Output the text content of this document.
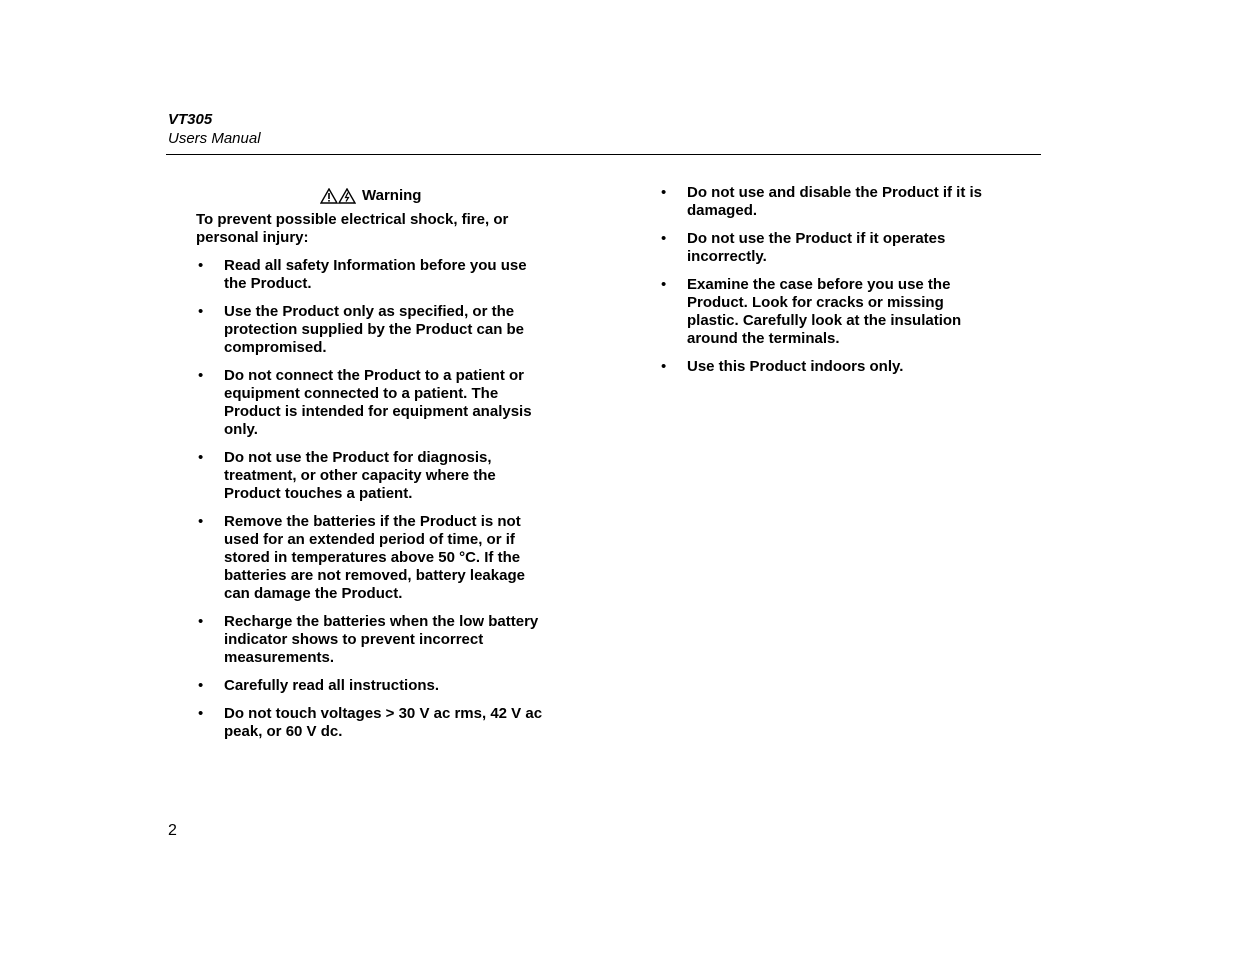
VT305
Users Manual
Warning
To prevent possible electrical shock, fire, or personal injury:
• Read all safety Information before you use the Product.
• Use the Product only as specified, or the protection supplied by the Product can be compromised.
• Do not connect the Product to a patient or equipment connected to a patient. The Product is intended for equipment analysis only.
• Do not use the Product for diagnosis, treatment, or other capacity where the Product touches a patient.
• Remove the batteries if the Product is not used for an extended period of time, or if stored in temperatures above 50 °C. If the batteries are not removed, battery leakage can damage the Product.
• Recharge the batteries when the low battery indicator shows to prevent incorrect measurements.
• Carefully read all instructions.
• Do not touch voltages > 30 V ac rms, 42 V ac peak, or 60 V dc.
• Do not use and disable the Product if it is damaged.
• Do not use the Product if it operates incorrectly.
• Examine the case before you use the Product. Look for cracks or missing plastic. Carefully look at the insulation around the terminals.
• Use this Product indoors only.
2
